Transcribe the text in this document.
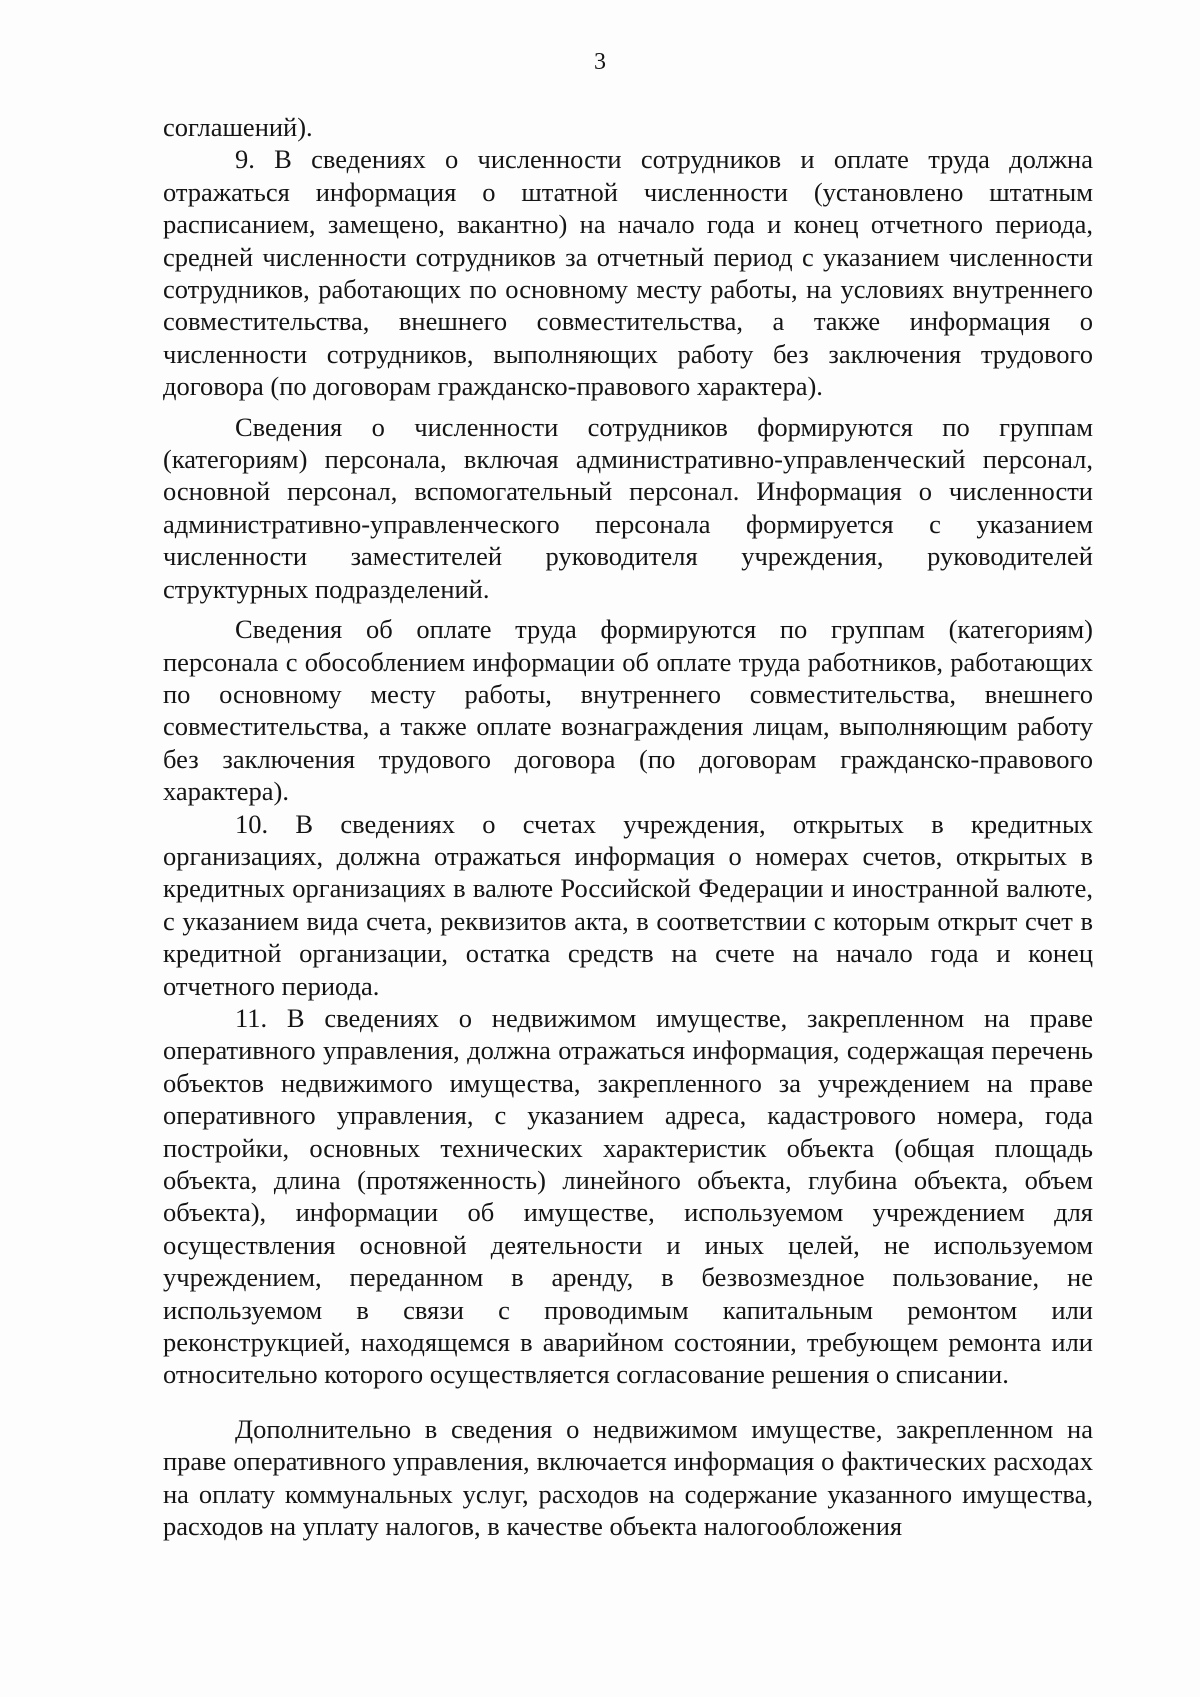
3

соглашений).

9. В сведениях о численности сотрудников и оплате труда должна отражаться информация о штатной численности (установлено штатным расписанием, замещено, вакантно) на начало года и конец отчетного периода, средней численности сотрудников за отчетный период с указанием численности сотрудников, работающих по основному месту работы, на условиях внутреннего совместительства, внешнего совместительства, а также информация о численности сотрудников, выполняющих работу без заключения трудового договора (по договорам гражданско-правового характера).

Сведения о численности сотрудников формируются по группам (категориям) персонала, включая административно-управленческий персонал, основной персонал, вспомогательный персонал. Информация о численности административно-управленческого персонала формируется с указанием численности заместителей руководителя учреждения, руководителей структурных подразделений.

Сведения об оплате труда формируются по группам (категориям) персонала с обособлением информации об оплате труда работников, работающих по основному месту работы, внутреннего совместительства, внешнего совместительства, а также оплате вознаграждения лицам, выполняющим работу без заключения трудового договора (по договорам гражданско-правового характера).

10. В сведениях о счетах учреждения, открытых в кредитных организациях, должна отражаться информация о номерах счетов, открытых в кредитных организациях в валюте Российской Федерации и иностранной валюте, с указанием вида счета, реквизитов акта, в соответствии с которым открыт счет в кредитной организации, остатка средств на счете на начало года и конец отчетного периода.

11. В сведениях о недвижимом имуществе, закрепленном на праве оперативного управления, должна отражаться информация, содержащая перечень объектов недвижимого имущества, закрепленного за учреждением на праве оперативного управления, с указанием адреса, кадастрового номера, года постройки, основных технических характеристик объекта (общая площадь объекта, длина (протяженность) линейного объекта, глубина объекта, объем объекта), информации об имуществе, используемом учреждением для осуществления основной деятельности и иных целей, не используемом учреждением, переданном в аренду, в безвозмездное пользование, не используемом в связи с проводимым капитальным ремонтом или реконструкцией, находящемся в аварийном состоянии, требующем ремонта или относительно которого осуществляется согласование решения о списании.

Дополнительно в сведения о недвижимом имуществе, закрепленном на праве оперативного управления, включается информация о фактических расходах на оплату коммунальных услуг, расходов на содержание указанного имущества, расходов на уплату налогов, в качестве объекта налогообложения
